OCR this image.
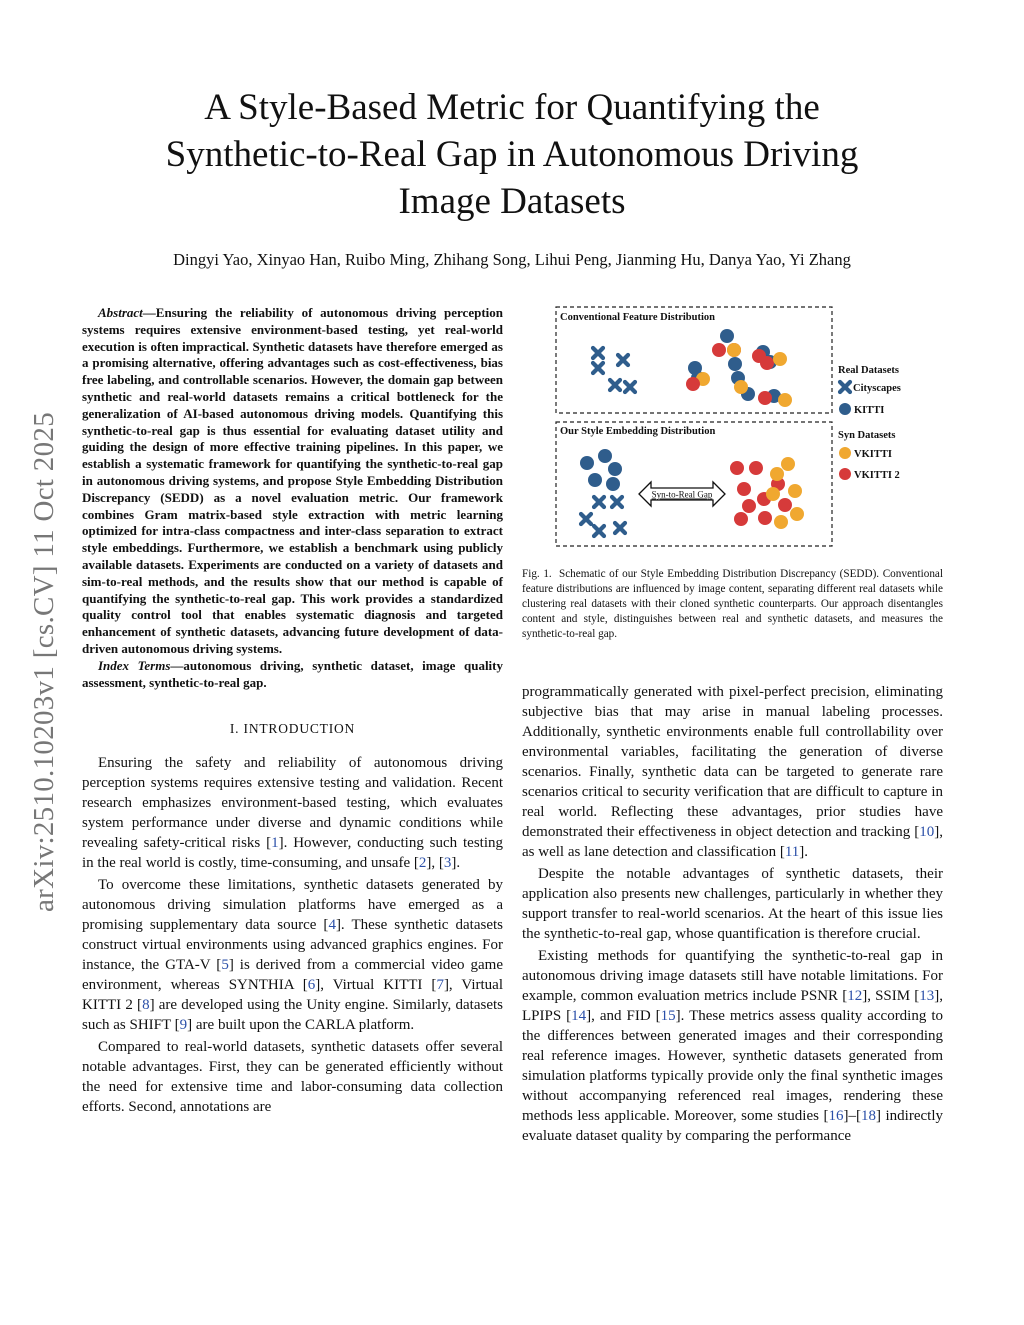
arXiv:2510.10203v1 [cs.CV] 11 Oct 2025
A Style-Based Metric for Quantifying the
Synthetic-to-Real Gap in Autonomous Driving
Image Datasets
Dingyi Yao, Xinyao Han, Ruibo Ming, Zhihang Song, Lihui Peng, Jianming Hu, Danya Yao, Yi Zhang

Abstract—Ensuring the reliability of autonomous driving perception systems requires extensive environment-based testing, yet real-world execution is often impractical. Synthetic datasets have therefore emerged as a promising alternative, offering advantages such as cost-effectiveness, bias free labeling, and controllable scenarios. However, the domain gap between synthetic and real-world datasets remains a critical bottleneck for the generalization of AI-based autonomous driving models. Quantifying this synthetic-to-real gap is thus essential for evaluating dataset utility and guiding the design of more effective training pipelines. In this paper, we establish a systematic framework for quantifying the synthetic-to-real gap in autonomous driving systems, and propose Style Embedding Distribution Discrepancy (SEDD) as a novel evaluation metric. Our framework combines Gram matrix-based style extraction with metric learning optimized for intra-class compactness and inter-class separation to extract style embeddings. Furthermore, we establish a benchmark using publicly available datasets. Experiments are conducted on a variety of datasets and sim-to-real methods, and the results show that our method is capable of quantifying the synthetic-to-real gap. This work provides a standardized quality control tool that enables systematic diagnosis and targeted enhancement of synthetic datasets, advancing future development of data-driven autonomous driving systems.

Index Terms—autonomous driving, synthetic dataset, image quality assessment, synthetic-to-real gap.

I. INTRODUCTION

Ensuring the safety and reliability of autonomous driving perception systems requires extensive testing and validation. Recent research emphasizes environment-based testing, which evaluates system performance under diverse and dynamic conditions while revealing safety-critical risks [1]. However, conducting such testing in the real world is costly, time-consuming, and unsafe [2], [3].

To overcome these limitations, synthetic datasets generated by autonomous driving simulation platforms have emerged as a promising supplementary data source [4]. These synthetic datasets construct virtual environments using advanced graphics engines. For instance, the GTA-V [5] is derived from a commercial video game environment, whereas SYNTHIA [6], Virtual KITTI [7], Virtual KITTI 2 [8] are developed using the Unity engine. Similarly, datasets such as SHIFT [9] are built upon the CARLA platform.

Compared to real-world datasets, synthetic datasets offer several notable advantages. First, they can be generated efficiently without the need for extensive time and labor-consuming data collection efforts. Second, annotations are

Conventional Feature Distribution
Our Style Embedding Distribution
Syn-to-Real Gap
Real Datasets
Cityscapes
KITTI
Syn Datasets
VKITTI
VKITTI 2
Fig. 1. Schematic of our Style Embedding Distribution Discrepancy (SEDD). Conventional feature distributions are influenced by image content, separating different real datasets while clustering real datasets with their cloned synthetic counterparts. Our approach disentangles content and style, distinguishes between real and synthetic datasets, and measures the synthetic-to-real gap.

programmatically generated with pixel-perfect precision, eliminating subjective bias that may arise in manual labeling processes. Additionally, synthetic environments enable full controllability over environmental variables, facilitating the generation of diverse scenarios. Finally, synthetic data can be targeted to generate rare scenarios critical to security verification that are difficult to capture in real world. Reflecting these advantages, prior studies have demonstrated their effectiveness in object detection and tracking [10], as well as lane detection and classification [11].

Despite the notable advantages of synthetic datasets, their application also presents new challenges, particularly in whether they support transfer to real-world scenarios. At the heart of this issue lies the synthetic-to-real gap, whose quantification is therefore crucial.

Existing methods for quantifying the synthetic-to-real gap in autonomous driving image datasets still have notable limitations. For example, common evaluation metrics include PSNR [12], SSIM [13], LPIPS [14], and FID [15]. These metrics assess quality according to the differences between generated images and their corresponding real reference images. However, synthetic datasets generated from simulation platforms typically provide only the final synthetic images without accompanying referenced real images, rendering these methods less applicable. Moreover, some studies [16]–[18] indirectly evaluate dataset quality by comparing the performance
